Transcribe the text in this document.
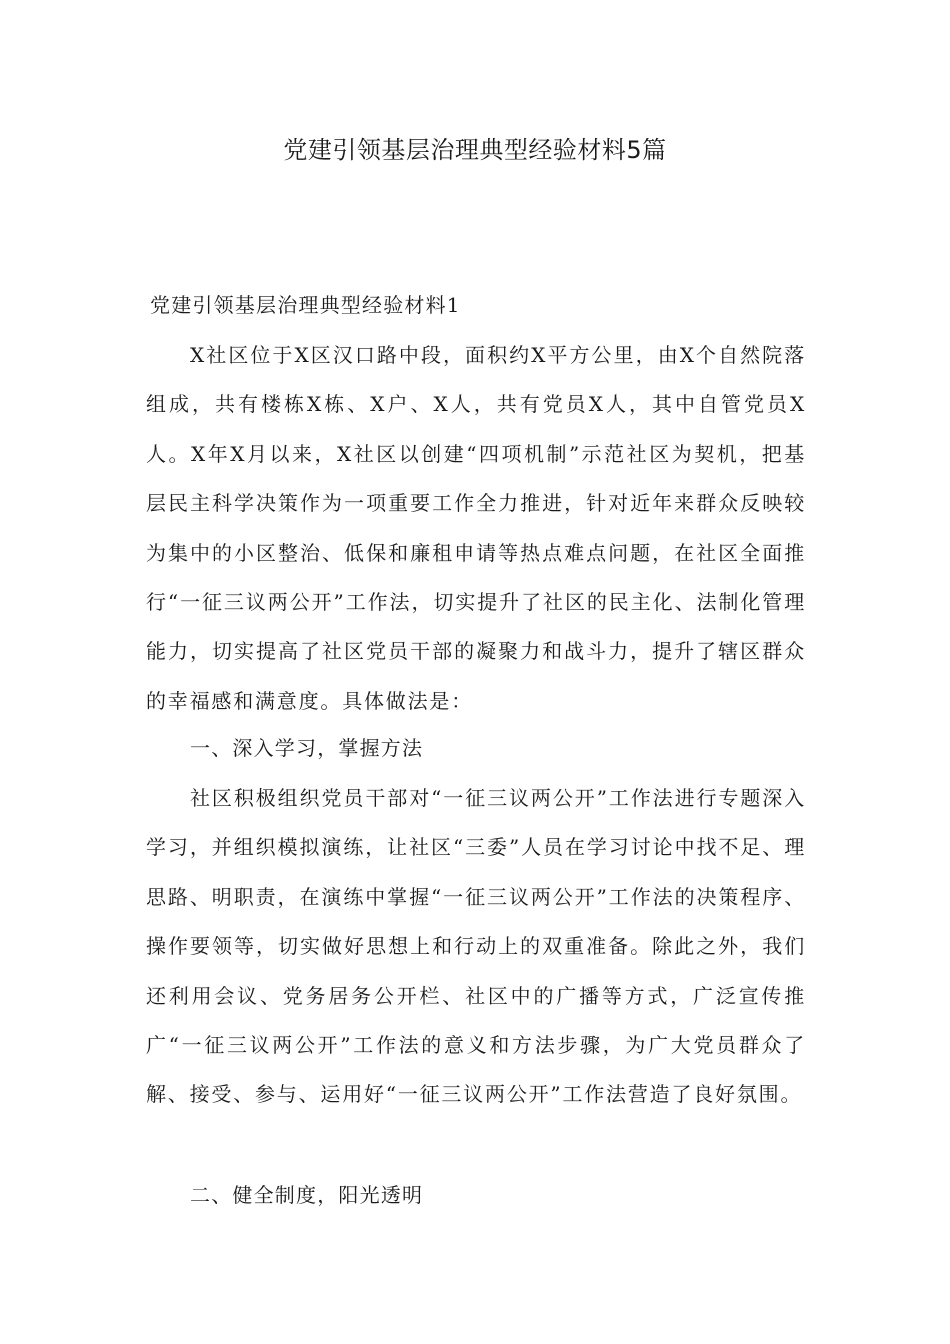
党建引领基层治理典型经验材料5篇

党建引领基层治理典型经验材料1

X社区位于X区汉口路中段，面积约X平方公里，由X个自然院落组成，共有楼栋X栋、X户、X人，共有党员X人，其中自管党员X人。X年X月以来，X社区以创建“四项机制”示范社区为契机，把基层民主科学决策作为一项重要工作全力推进，针对近年来群众反映较为集中的小区整治、低保和廉租申请等热点难点问题，在社区全面推行“一征三议两公开”工作法，切实提升了社区的民主化、法制化管理能力，切实提高了社区党员干部的凝聚力和战斗力，提升了辖区群众的幸福感和满意度。具体做法是：

一、深入学习，掌握方法

社区积极组织党员干部对“一征三议两公开”工作法进行专题深入学习，并组织模拟演练，让社区“三委”人员在学习讨论中找不足、理思路、明职责，在演练中掌握“一征三议两公开”工作法的决策程序、操作要领等，切实做好思想上和行动上的双重准备。除此之外，我们还利用会议、党务居务公开栏、社区中的广播等方式，广泛宣传推广“一征三议两公开”工作法的意义和方法步骤，为广大党员群众了解、接受、参与、运用好“一征三议两公开”工作法营造了良好氛围。

二、健全制度，阳光透明
